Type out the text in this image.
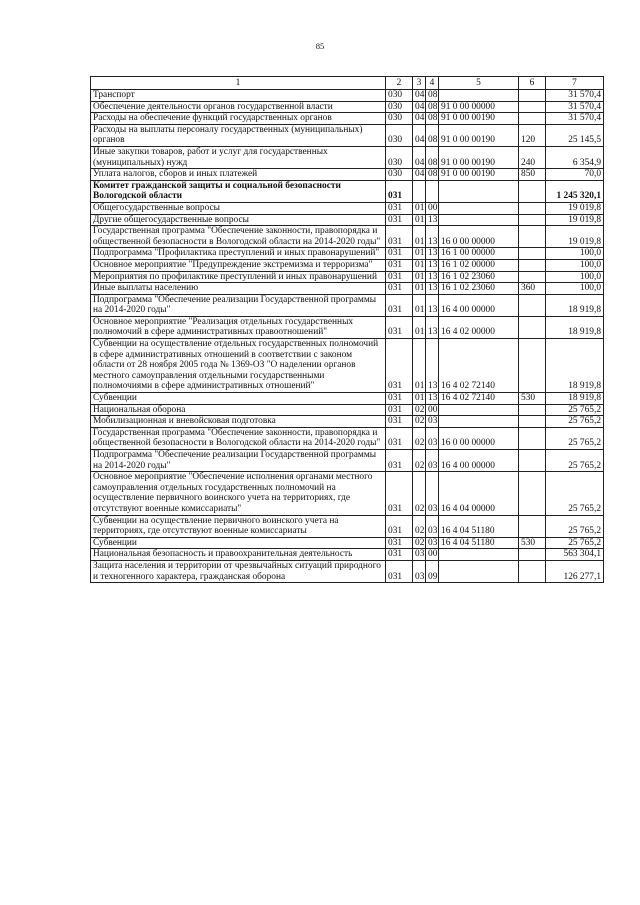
85
1	2	3	4	5	6	7
Транспорт	030	04	08			31 570,4
Обеспечение деятельности органов государственной власти	030	04	08	91 0 00 00000		31 570,4
Расходы на обеспечение функций государственных органов	030	04	08	91 0 00 00190		31 570,4
Расходы на выплаты персоналу государственных (муниципальных) органов	030	04	08	91 0 00 00190	120	25 145,5
Иные закупки товаров, работ и услуг для государственных (муниципальных) нужд	030	04	08	91 0 00 00190	240	6 354,9
Уплата налогов, сборов и иных платежей	030	04	08	91 0 00 00190	850	70,0
Комитет гражданской защиты и социальной безопасности Вологодской области	031					1 245 320,1
Общегосударственные вопросы	031	01	00			19 019,8
Другие общегосударственные вопросы	031	01	13			19 019,8
Государственная программа "Обеспечение законности, правопорядка и общественной безопасности в Вологодской области на 2014-2020 годы"	031	01	13	16 0 00 00000		19 019,8
Подпрограмма "Профилактика преступлений и иных правонарушений"	031	01	13	16 1 00 00000		100,0
Основное мероприятие "Предупреждение экстремизма и терроризма"	031	01	13	16 1 02 00000		100,0
Мероприятия по профилактике преступлений и иных правонарушений	031	01	13	16 1 02 23060		100,0
Иные выплаты населению	031	01	13	16 1 02 23060	360	100,0
Подпрограмма "Обеспечение реализации Государственной программы на 2014-2020 годы"	031	01	13	16 4 00 00000		18 919,8
Основное мероприятие "Реализация отдельных государственных полномочий в сфере административных правоотношений"	031	01	13	16 4 02 00000		18 919,8
Субвенции на осуществление отдельных государственных полномочий в сфере административных отношений в соответствии с законом области от 28 ноября 2005 года № 1369-ОЗ "О наделении органов местного самоуправления отдельными государственными полномочиями в сфере административных отношений"	031	01	13	16 4 02 72140		18 919,8
Субвенции	031	01	13	16 4 02 72140	530	18 919,8
Национальная оборона	031	02	00			25 765,2
Мобилизационная и вневойсковая подготовка	031	02	03			25 765,2
Государственная программа "Обеспечение законности, правопорядка и общественной безопасности в Вологодской области на 2014-2020 годы"	031	02	03	16 0 00 00000		25 765,2
Подпрограмма "Обеспечение реализации Государственной программы на 2014-2020 годы"	031	02	03	16 4 00 00000		25 765,2
Основное мероприятие "Обеспечение исполнения органами местного самоуправления отдельных государственных полномочий на осуществление первичного воинского учета на территориях, где отсутствуют военные комиссариаты"	031	02	03	16 4 04 00000		25 765,2
Субвенции на осуществление первичного воинского учета на территориях, где отсутствуют военные комиссариаты	031	02	03	16 4 04 51180		25 765,2
Субвенции	031	02	03	16 4 04 51180	530	25 765,2
Национальная безопасность и правоохранительная деятельность	031	03	00			563 304,1
Защита населения и территории от чрезвычайных ситуаций природного и техногенного характера, гражданская оборона	031	03	09			126 277,1
